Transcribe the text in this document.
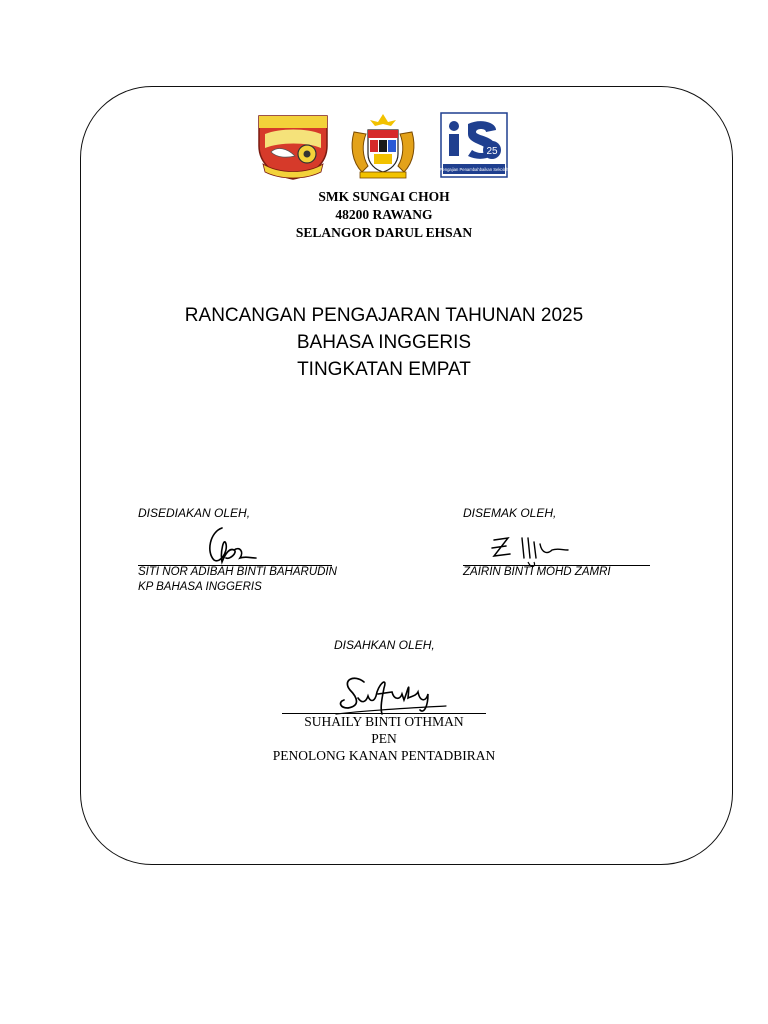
25
Pengajian Penambahbaikan Sekolah
SMK SUNGAI CHOH
48200 RAWANG
SELANGOR DARUL EHSAN
RANCANGAN PENGAJARAN TAHUNAN 2025
BAHASA INGGERIS
TINGKATAN EMPAT
DISEDIAKAN OLEH,
SITI NOR ADIBAH BINTI BAHARUDIN
KP BAHASA INGGERIS
DISEMAK OLEH,
ZAIRIN BINTI MOHD ZAMRI
DISAHKAN OLEH,
SUHAILY BINTI OTHMAN
PEN
PENOLONG KANAN PENTADBIRAN
